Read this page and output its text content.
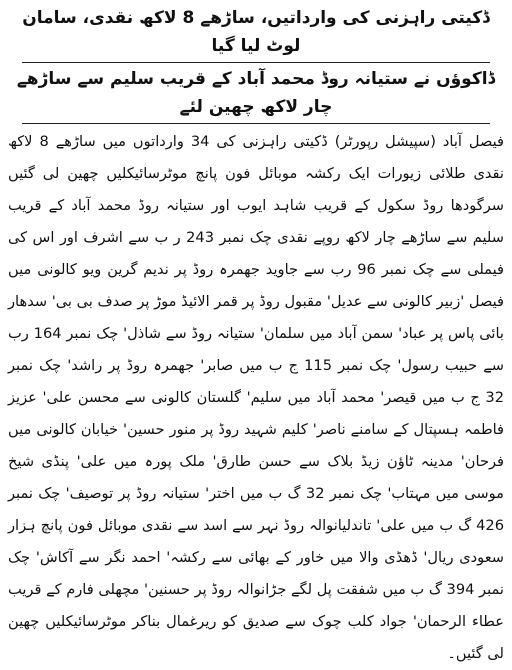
ڈکیتی راہزنی کی وارداتیں، ساڑھے 8 لاکھ نقدی، سامان لوٹ لیا گیا
ڈاکوؤں نے ستیانہ روڈ محمد آباد کے قریب سلیم سے ساڑھے چار لاکھ چھین لئے

فیصل آباد (سپیشل رپورٹر) ڈکیتی راہزنی کی 34 وارداتوں میں ساڑھے 8 لاکھ نقدی طلائی زیورات ایک رکشہ موبائل فون پانچ موٹرسائیکلیں چھین لی گئیں سرگودھا روڈ سکول کے قریب شاہد ایوب اور ستیانہ روڈ محمد آباد کے قریب سلیم سے ساڑھے چار لاکھ روپے نقدی چک نمبر 243 ر ب سے اشرف اور اس کی فیملی سے چک نمبر 96 رب سے جاوید جھمرہ روڈ پر ندیم گرین ویو کالونی میں فیصل 'زبیر کالونی سے عدیل' مقبول روڈ پر قمر الائیڈ موڑ پر صدف بی بی' سدھار بائی پاس پر عباد' سمن آباد میں سلمان' ستیانہ روڈ سے شاذل' چک نمبر 164 رب سے حبیب رسول' چک نمبر 115 ج ب میں صابر' جھمرہ روڈ پر راشد' چک نمبر 32 ج ب میں قیصر' محمد آباد میں سلیم' گلستان کالونی سے محسن علی' عزیز فاطمہ ہسپتال کے سامنے ناصر' کلیم شہید روڈ پر منور حسین' خیابان کالونی میں فرحان' مدینہ ٹاؤن زیڈ بلاک سے حسن طارق' ملک پورہ میں علی' پنڈی شیخ موسی میں مہتاب' چک نمبر 32 گ ب میں اختر' ستیانہ روڈ پر توصیف' چک نمبر 426 گ ب میں علی' تاندلیانوالہ روڈ نہر سے اسد سے نقدی موبائل فون پانچ ہزار سعودی ریال' ڈھڈی والا میں خاور کے بھائی سے رکشہ' احمد نگر سے آکاش' چک نمبر 394 گ ب میں شفقت پل لگے جڑانوالہ روڈ پر حسنین' مچھلی فارم کے قریب عطاء الرحمان' جواد کلب چوک سے صدیق کو ریرغمال بناکر موٹرسائیکلیں چھین لی گئیں۔
